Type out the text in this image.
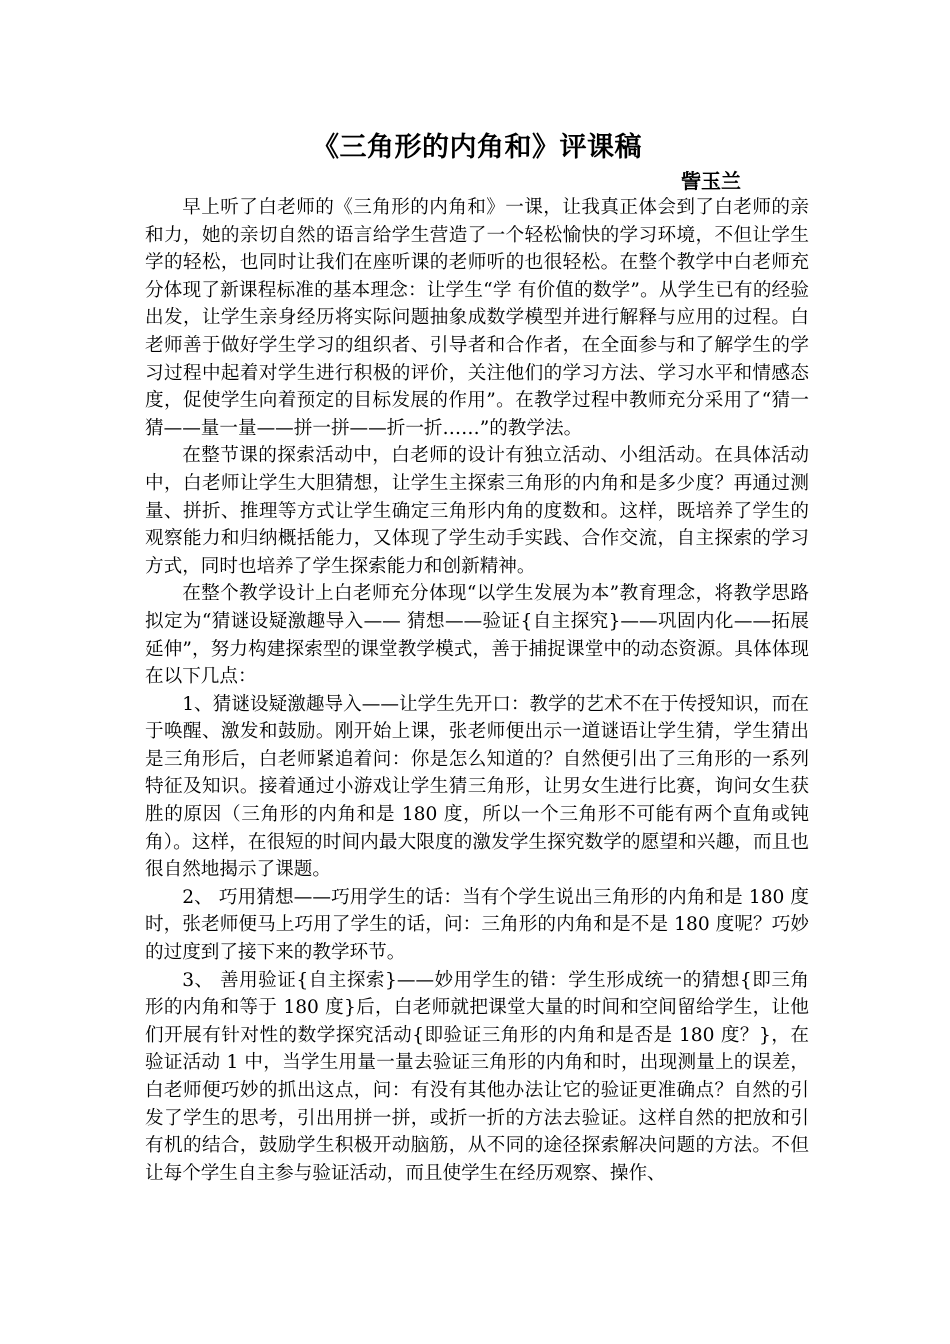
《三角形的内角和》评课稿

訾玉兰

早上听了白老师的《三角形的内角和》一课，让我真正体会到了白老师的亲和力，她的亲切自然的语言给学生营造了一个轻松愉快的学习环境，不但让学生学的轻松，也同时让我们在座听课的老师听的也很轻松。在整个教学中白老师充分体现了新课程标准的基本理念：让学生“学 有价值的数学”。从学生已有的经验出发，让学生亲身经历将实际问题抽象成数学模型并进行解释与应用的过程。白老师善于做好学生学习的组织者、引导者和合作者，在全面参与和了解学生的学习过程中起着对学生进行积极的评价，关注他们的学习方法、学习水平和情感态度，促使学生向着预定的目标发展的作用”。在教学过程中教师充分采用了“猜一猜——量一量——拼一拼——折一折……”的教学法。

在整节课的探索活动中，白老师的设计有独立活动、小组活动。在具体活动中，白老师让学生大胆猜想，让学生主探索三角形的内角和是多少度？再通过测量、拼折、推理等方式让学生确定三角形内角的度数和。这样，既培养了学生的观察能力和归纳概括能力，又体现了学生动手实践、合作交流，自主探索的学习方式，同时也培养了学生探索能力和创新精神。

在整个教学设计上白老师充分体现“以学生发展为本”教育理念，将教学思路拟定为“猜谜设疑激趣导入—— 猜想——验证{自主探究}——巩固内化——拓展延伸”，努力构建探索型的课堂教学模式，善于捕捉课堂中的动态资源。具体体现在以下几点：

1、猜谜设疑激趣导入——让学生先开口：教学的艺术不在于传授知识，而在于唤醒、激发和鼓励。刚开始上课，张老师便出示一道谜语让学生猜，学生猜出是三角形后，白老师紧追着问：你是怎么知道的？自然便引出了三角形的一系列特征及知识。接着通过小游戏让学生猜三角形，让男女生进行比赛，询问女生获胜的原因（三角形的内角和是 180 度，所以一个三角形不可能有两个直角或钝角）。这样，在很短的时间内最大限度的激发学生探究数学的愿望和兴趣，而且也很自然地揭示了课题。

2、 巧用猜想——巧用学生的话：当有个学生说出三角形的内角和是 180 度时，张老师便马上巧用了学生的话，问：三角形的内角和是不是 180 度呢？巧妙的过度到了接下来的教学环节。

3、 善用验证{自主探索}——妙用学生的错：学生形成统一的猜想{即三角形的内角和等于 180 度}后，白老师就把课堂大量的时间和空间留给学生，让他们开展有针对性的数学探究活动{即验证三角形的内角和是否是 180 度？}，在验证活动 1 中，当学生用量一量去验证三角形的内角和时，出现测量上的误差，白老师便巧妙的抓出这点，问：有没有其他办法让它的验证更准确点？自然的引发了学生的思考，引出用拼一拼，或折一折的方法去验证。这样自然的把放和引有机的结合，鼓励学生积极开动脑筋，从不同的途径探索解决问题的方法。不但让每个学生自主参与验证活动，而且使学生在经历观察、操作、
